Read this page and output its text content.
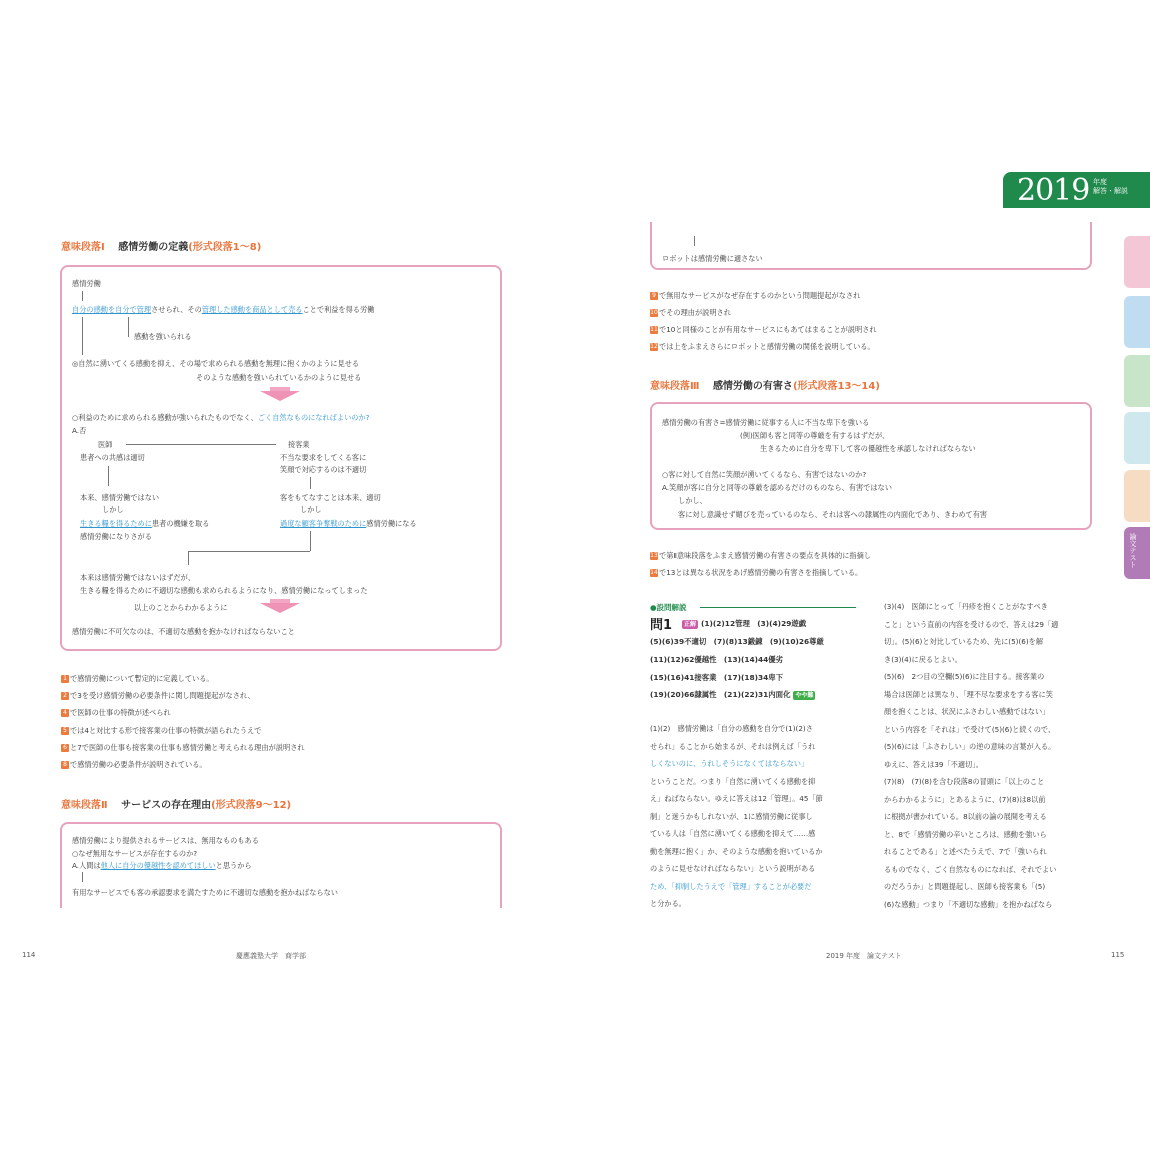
2019 年度
解答・解説
論文テスト
意味段落Ⅰ 感情労働の定義(形式段落1〜8)
感情労働
自分の感動を自分で管理させられ、その管理した感動を商品として売ることで利益を得る労働
感動を強いられる
◎自然に湧いてくる感動を抑え、その場で求められる感動を無理に抱くかのように見せる
そのような感動を強いられているかのように見せる
○利益のために求められる感動が強いられたものでなく、ごく自然なものになればよいのか?
A.否
医師	接客業
患者への共感は適切	不当な要求をしてくる客に
笑顔で対応するのは不適切
本来、感情労働ではない	客をもてなすことは本来、適切
しかし	しかし
生きる糧を得るために患者の機嫌を取る	過度な顧客争奪戦のために感情労働になる
感情労働になりさがる
本来は感情労働ではないはずだが、
生きる糧を得るために不適切な感動も求められるようになり、感情労働になってしまった
以上のことからわかるように
感情労働に不可欠なのは、不適切な感動を抱かなければならないこと
1 で感情労働について暫定的に定義している。
2 で3を受け感情労働の必要条件に関し問題提起がなされ、
4 で医師の仕事の特徴が述べられ
5 では4と対比する形で接客業の仕事の特徴が語られたうえで
6 と7で医師の仕事も接客業の仕事も感情労働と考えられる理由が説明され
8 で感情労働の必要条件が説明されている。
意味段落Ⅱ サービスの存在理由(形式段落9〜12)
感情労働により提供されるサービスは、無用なものもある
○なぜ無用なサービスが存在するのか?
A.人間は他人に自分の優越性を認めてほしいと思うから
有用なサービスでも客の承認要求を満たすために不適切な感動を抱かねばならない
ロボットは感情労働に適さない
9 で無用なサービスがなぜ存在するのかという問題提起がなされ
10でその理由が説明され
11で10と同様のことが有用なサービスにもあてはまることが説明され
12では上をふまえさらにロボットと感情労働の関係を説明している。
意味段落Ⅲ 感情労働の有害さ(形式段落13〜14)
感情労働の有害さ=感情労働に従事する人に不当な卑下を強いる
(例)医師も客と同等の尊厳を有するはずだが、
生きるために自分を卑下して客の優越性を承認しなければならない
○客に対して自然に笑顔が湧いてくるなら、有害ではないのか?
A.笑顔が客に自分と同等の尊厳を認めるだけのものなら、有害ではない
しかし、
客に対し意識せず媚びを売っているのなら、それは客への隷属性の内面化であり、きわめて有害
13で第Ⅱ意味段落をふまえ感情労働の有害さの要点を具体的に指摘し
14で13とは異なる状況をあげ感情労働の有害さを指摘している。
●設問解説
問1	正解 (1)(2)12管理　(3)(4)29遊戯
(5)(6)39不適切　(7)(8)13鍛錬　(9)(10)26尊厳
(11)(12)62優越性　(13)(14)44優劣
(15)(16)41接客業　(17)(18)34卑下
(19)(20)66隷属性　(21)(22)31内面化 やや難
(1)(2)　感情労働は「自分の感動を自分で(1)(2)さ
せられ」ることから始まるが、それは例えば「うれ
しくないのに、うれしそうになくてはならない」
ということだ。つまり「自然に湧いてくる感動を抑
え」ねばならない。ゆえに答えは12「管理」。45「節
制」と迷うかもしれないが、1に感情労働に従事し
ている人は「自然に湧いてくる感動を抑えて……感
動を無理に抱く」か、そのような感動を抱いているか
のように見せなければならない」という説明がある
ため、「抑制したうえで「管理」することが必要だ
と分かる。
(3)(4)　医師にとって「丹疹を抱くことがなすべき
こと」という直前の内容を受けるので、答えは29「適
切」。(5)(6)と対比しているため、先に(5)(6)を解
き(3)(4)に戻るとよい。
(5)(6)　2つ目の空欄(5)(6)に注目する。接客業の
場合は医師とは異なり、「理不尽な要求をする客に笑
顔を抱くことは、状況にふさわしい感動ではない」
という内容を「それは」で受けて(5)(6)と続くので、
(5)(6)には「ふさわしい」の逆の意味の言葉が入る。
ゆえに、答えは39「不適切」。
(7)(8)　(7)(8)を含む段落8の冒頭に「以上のこと
からわかるように」とあるように、(7)(8)は8以前
に根拠が書かれている。8以前の論の展開を考える
と、8で「感情労働の辛いところは、感動を強いら
れることである」と述べたうえで、7で「強いられ
るものでなく、ごく自然なものになれば、それでよい
のだろうか」と問題提起し、医師も接客業も「(5)
(6)な感動」つまり「不適切な感動」を抱かねばなら
114	慶應義塾大学　商学部	2019 年度　論文テスト	115
